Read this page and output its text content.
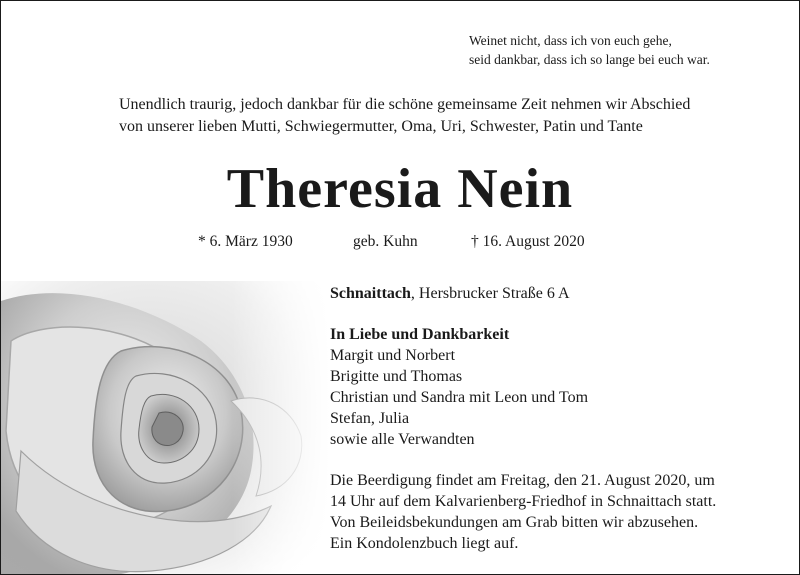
Weinet nicht, dass ich von euch gehe,
seid dankbar, dass ich so lange bei euch war.
Unendlich traurig, jedoch dankbar für die schöne gemeinsame Zeit nehmen wir Abschied
von unserer lieben Mutti, Schwiegermutter, Oma, Uri, Schwester, Patin und Tante
Theresia Nein
* 6. März 1930	geb. Kuhn	† 16. August 2020
Schnaittach, Hersbrucker Straße 6 A
In Liebe und Dankbarkeit
Margit und Norbert
Brigitte und Thomas
Christian und Sandra mit Leon und Tom
Stefan, Julia
sowie alle Verwandten
Die Beerdigung findet am Freitag, den 21. August 2020, um
14 Uhr auf dem Kalvarienberg-Friedhof in Schnaittach statt.
Von Beileidsbekundungen am Grab bitten wir abzusehen.
Ein Kondolenzbuch liegt auf.
